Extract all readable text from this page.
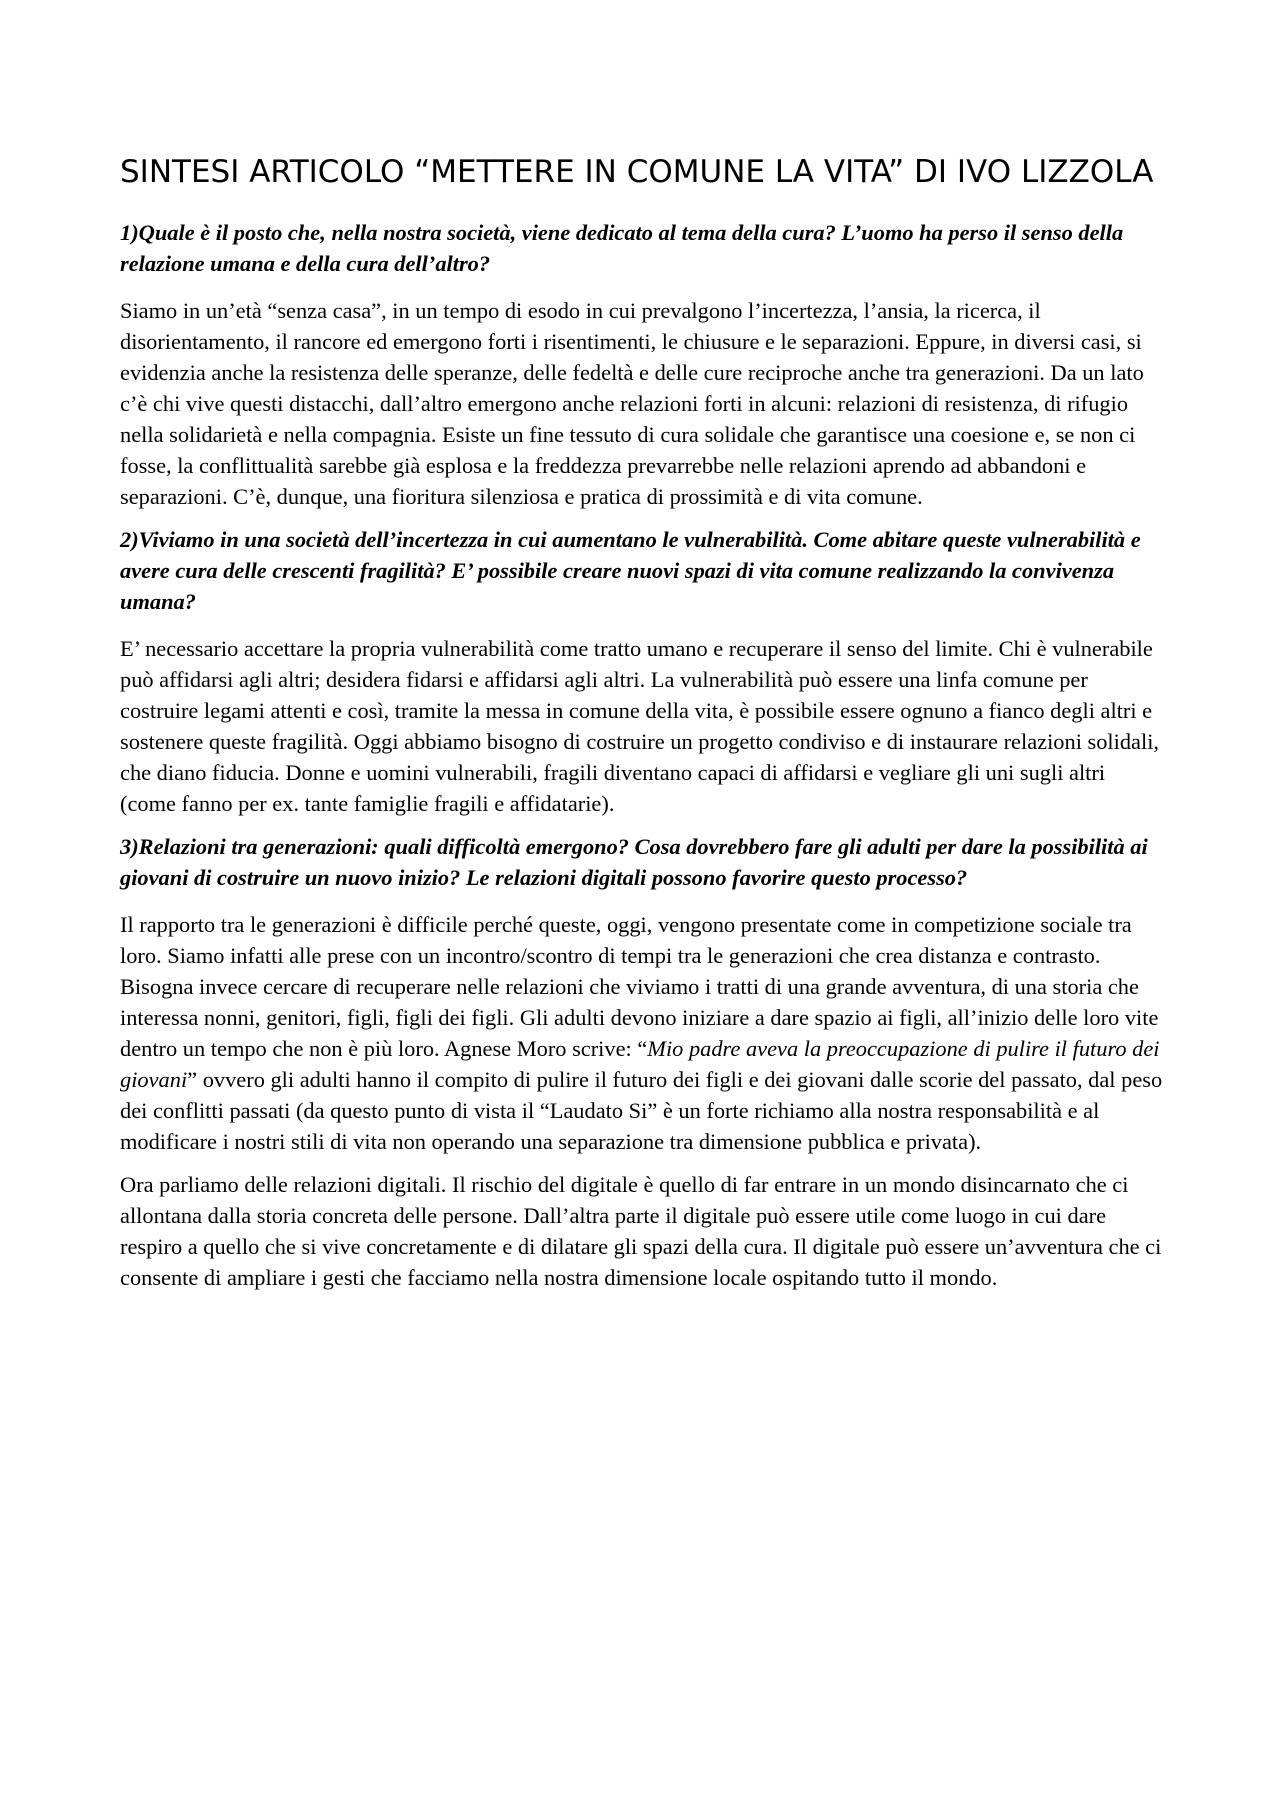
SINTESI ARTICOLO “METTERE IN COMUNE LA VITA” DI IVO LIZZOLA

1)Quale è il posto che, nella nostra società, viene dedicato al tema della cura? L’uomo ha perso il senso della relazione umana e della cura dell’altro?

Siamo in un’età “senza casa”, in un tempo di esodo in cui prevalgono l’incertezza, l’ansia, la ricerca, il disorientamento, il rancore ed emergono forti i risentimenti, le chiusure e le separazioni. Eppure, in diversi casi, si evidenzia anche la resistenza delle speranze, delle fedeltà e delle cure reciproche anche tra generazioni. Da un lato c’è chi vive questi distacchi, dall’altro emergono anche relazioni forti in alcuni: relazioni di resistenza, di rifugio nella solidarietà e nella compagnia. Esiste un fine tessuto di cura solidale che garantisce una coesione e, se non ci fosse, la conflittualità sarebbe già esplosa e la freddezza prevarrebbe nelle relazioni aprendo ad abbandoni e separazioni. C’è, dunque, una fioritura silenziosa e pratica di prossimità e di vita comune.

2)Viviamo in una società dell’incertezza in cui aumentano le vulnerabilità. Come abitare queste vulnerabilità e avere cura delle crescenti fragilità? E’ possibile creare nuovi spazi di vita comune realizzando la convivenza umana?

E’ necessario accettare la propria vulnerabilità come tratto umano e recuperare il senso del limite. Chi è vulnerabile può affidarsi agli altri; desidera fidarsi e affidarsi agli altri. La vulnerabilità può essere una linfa comune per costruire legami attenti e così, tramite la messa in comune della vita, è possibile essere ognuno a fianco degli altri e sostenere queste fragilità. Oggi abbiamo bisogno di costruire un progetto condiviso e di instaurare relazioni solidali, che diano fiducia. Donne e uomini vulnerabili, fragili diventano capaci di affidarsi e vegliare gli uni sugli altri (come fanno per ex. tante famiglie fragili e affidatarie).

3)Relazioni tra generazioni: quali difficoltà emergono? Cosa dovrebbero fare gli adulti per dare la possibilità ai giovani di costruire un nuovo inizio? Le relazioni digitali possono favorire questo processo?

Il rapporto tra le generazioni è difficile perché queste, oggi, vengono presentate come in competizione sociale tra loro. Siamo infatti alle prese con un incontro/scontro di tempi tra le generazioni che crea distanza e contrasto. Bisogna invece cercare di recuperare nelle relazioni che viviamo i tratti di una grande avventura, di una storia che interessa nonni, genitori, figli, figli dei figli. Gli adulti devono iniziare a dare spazio ai figli, all’inizio delle loro vite dentro un tempo che non è più loro. Agnese Moro scrive: “Mio padre aveva la preoccupazione di pulire il futuro dei giovani” ovvero gli adulti hanno il compito di pulire il futuro dei figli e dei giovani dalle scorie del passato, dal peso dei conflitti passati (da questo punto di vista il “Laudato Si” è un forte richiamo alla nostra responsabilità e al modificare i nostri stili di vita non operando una separazione tra dimensione pubblica e privata).

Ora parliamo delle relazioni digitali. Il rischio del digitale è quello di far entrare in un mondo disincarnato che ci allontana dalla storia concreta delle persone. Dall’altra parte il digitale può essere utile come luogo in cui dare respiro a quello che si vive concretamente e di dilatare gli spazi della cura. Il digitale può essere un’avventura che ci consente di ampliare i gesti che facciamo nella nostra dimensione locale ospitando tutto il mondo.
